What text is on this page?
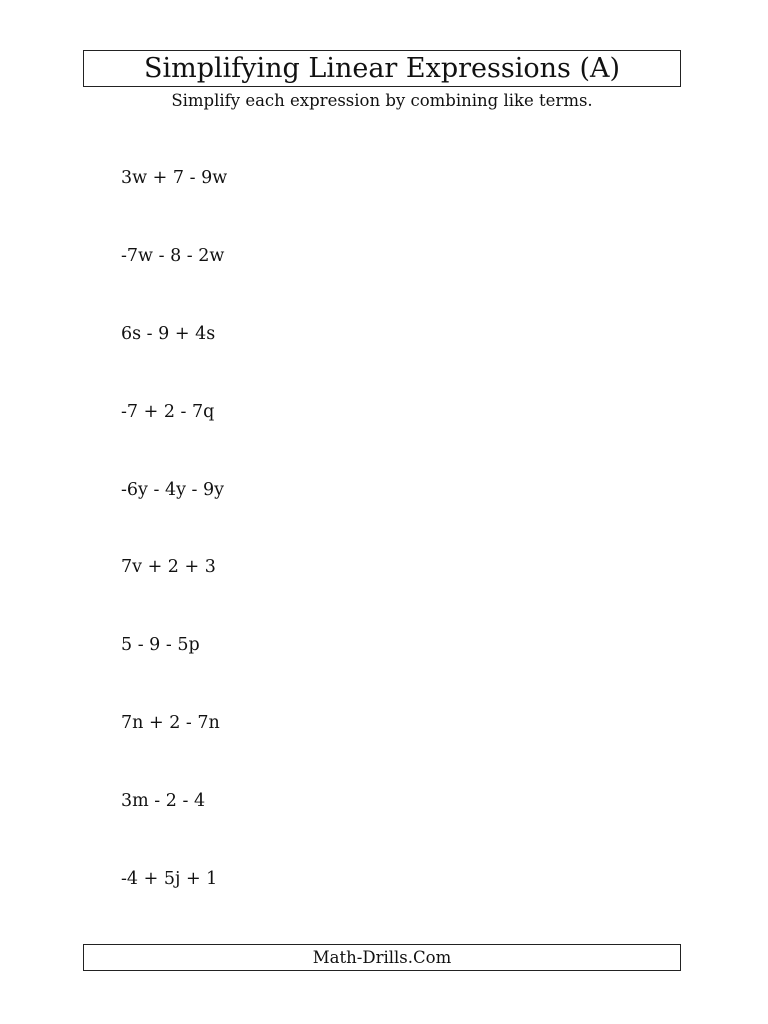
Simplifying Linear Expressions (A)
Simplify each expression by combining like terms.
3w + 7 - 9w
-7w - 8 - 2w
6s - 9 + 4s
-7 + 2 - 7q
-6y - 4y - 9y
7v + 2 + 3
5 - 9 - 5p
7n + 2 - 7n
3m - 2 - 4
-4 + 5j + 1
Math-Drills.Com
